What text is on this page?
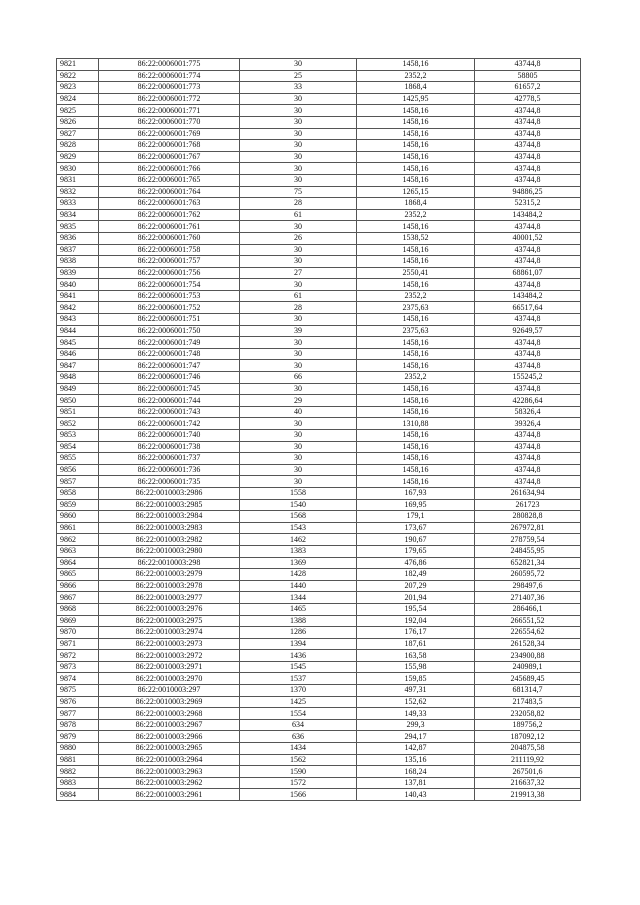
9821	86:22:0006001:775	30	1458,16	43744,8
9822	86:22:0006001:774	25	2352,2	58805
9823	86:22:0006001:773	33	1868,4	61657,2
9824	86:22:0006001:772	30	1425,95	42778,5
9825	86:22:0006001:771	30	1458,16	43744,8
9826	86:22:0006001:770	30	1458,16	43744,8
9827	86:22:0006001:769	30	1458,16	43744,8
9828	86:22:0006001:768	30	1458,16	43744,8
9829	86:22:0006001:767	30	1458,16	43744,8
9830	86:22:0006001:766	30	1458,16	43744,8
9831	86:22:0006001:765	30	1458,16	43744,8
9832	86:22:0006001:764	75	1265,15	94886,25
9833	86:22:0006001:763	28	1868,4	52315,2
9834	86:22:0006001:762	61	2352,2	143484,2
9835	86:22:0006001:761	30	1458,16	43744,8
9836	86:22:0006001:760	26	1538,52	40001,52
9837	86:22:0006001:758	30	1458,16	43744,8
9838	86:22:0006001:757	30	1458,16	43744,8
9839	86:22:0006001:756	27	2550,41	68861,07
9840	86:22:0006001:754	30	1458,16	43744,8
9841	86:22:0006001:753	61	2352,2	143484,2
9842	86:22:0006001:752	28	2375,63	66517,64
9843	86:22:0006001:751	30	1458,16	43744,8
9844	86:22:0006001:750	39	2375,63	92649,57
9845	86:22:0006001:749	30	1458,16	43744,8
9846	86:22:0006001:748	30	1458,16	43744,8
9847	86:22:0006001:747	30	1458,16	43744,8
9848	86:22:0006001:746	66	2352,2	155245,2
9849	86:22:0006001:745	30	1458,16	43744,8
9850	86:22:0006001:744	29	1458,16	42286,64
9851	86:22:0006001:743	40	1458,16	58326,4
9852	86:22:0006001:742	30	1310,88	39326,4
9853	86:22:0006001:740	30	1458,16	43744,8
9854	86:22:0006001:738	30	1458,16	43744,8
9855	86:22:0006001:737	30	1458,16	43744,8
9856	86:22:0006001:736	30	1458,16	43744,8
9857	86:22:0006001:735	30	1458,16	43744,8
9858	86:22:0010003:2986	1558	167,93	261634,94
9859	86:22:0010003:2985	1540	169,95	261723
9860	86:22:0010003:2984	1568	179,1	280828,8
9861	86:22:0010003:2983	1543	173,67	267972,81
9862	86:22:0010003:2982	1462	190,67	278759,54
9863	86:22:0010003:2980	1383	179,65	248455,95
9864	86:22:0010003:298	1369	476,86	652821,34
9865	86:22:0010003:2979	1428	182,49	260595,72
9866	86:22:0010003:2978	1440	207,29	298497,6
9867	86:22:0010003:2977	1344	201,94	271407,36
9868	86:22:0010003:2976	1465	195,54	286466,1
9869	86:22:0010003:2975	1388	192,04	266551,52
9870	86:22:0010003:2974	1286	176,17	226554,62
9871	86:22:0010003:2973	1394	187,61	261528,34
9872	86:22:0010003:2972	1436	163,58	234900,88
9873	86:22:0010003:2971	1545	155,98	240989,1
9874	86:22:0010003:2970	1537	159,85	245689,45
9875	86:22:0010003:297	1370	497,31	681314,7
9876	86:22:0010003:2969	1425	152,62	217483,5
9877	86:22:0010003:2968	1554	149,33	232058,82
9878	86:22:0010003:2967	634	299,3	189756,2
9879	86:22:0010003:2966	636	294,17	187092,12
9880	86:22:0010003:2965	1434	142,87	204875,58
9881	86:22:0010003:2964	1562	135,16	211119,92
9882	86:22:0010003:2963	1590	168,24	267501,6
9883	86:22:0010003:2962	1572	137,81	216637,32
9884	86:22:0010003:2961	1566	140,43	219913,38
